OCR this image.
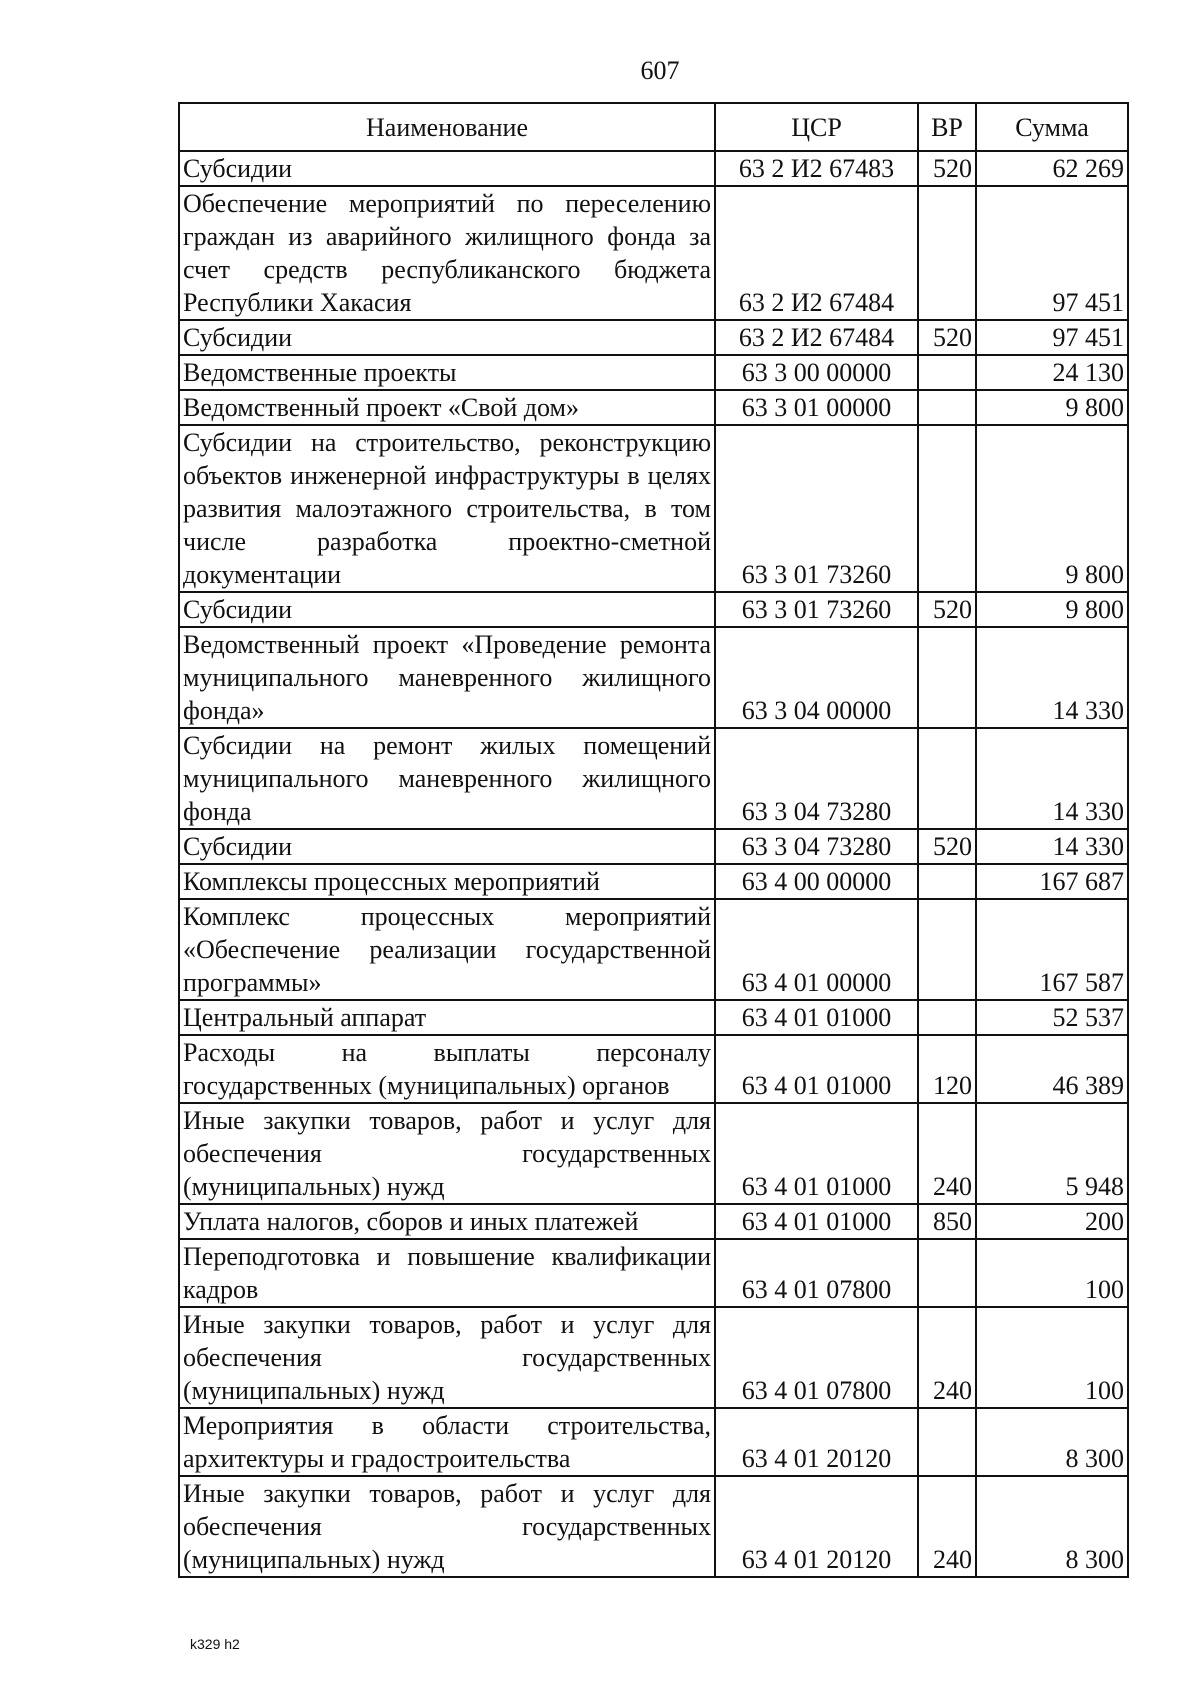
607
Наименование	ЦСР	ВР	Сумма
Субсидии	63 2 И2 67483	520	62 269
Обеспечение мероприятий по переселению граждан из аварийного жилищного фонда за счет средств республиканского бюджета Республики Хакасия	63 2 И2 67484		97 451
Субсидии	63 2 И2 67484	520	97 451
Ведомственные проекты	63 3 00 00000		24 130
Ведомственный проект «Свой дом»	63 3 01 00000		9 800
Субсидии на строительство, реконструкцию объектов инженерной инфраструктуры в целях развития малоэтажного строительства, в том числе разработка проектно-сметной документации	63 3 01 73260		9 800
Субсидии	63 3 01 73260	520	9 800
Ведомственный проект «Проведение ремонта муниципального маневренного жилищного фонда»	63 3 04 00000		14 330
Субсидии на ремонт жилых помещений муниципального маневренного жилищного фонда	63 3 04 73280		14 330
Субсидии	63 3 04 73280	520	14 330
Комплексы процессных мероприятий	63 4 00 00000		167 687
Комплекс процессных мероприятий «Обеспечение реализации государственной программы»	63 4 01 00000		167 587
Центральный аппарат	63 4 01 01000		52 537
Расходы на выплаты персоналу государственных (муниципальных) органов	63 4 01 01000	120	46 389
Иные закупки товаров, работ и услуг для обеспечения государственных (муниципальных) нужд	63 4 01 01000	240	5 948
Уплата налогов, сборов и иных платежей	63 4 01 01000	850	200
Переподготовка и повышение квалификации кадров	63 4 01 07800		100
Иные закупки товаров, работ и услуг для обеспечения государственных (муниципальных) нужд	63 4 01 07800	240	100
Мероприятия в области строительства, архитектуры и градостроительства	63 4 01 20120		8 300
Иные закупки товаров, работ и услуг для обеспечения государственных (муниципальных) нужд	63 4 01 20120	240	8 300
k329 h2
